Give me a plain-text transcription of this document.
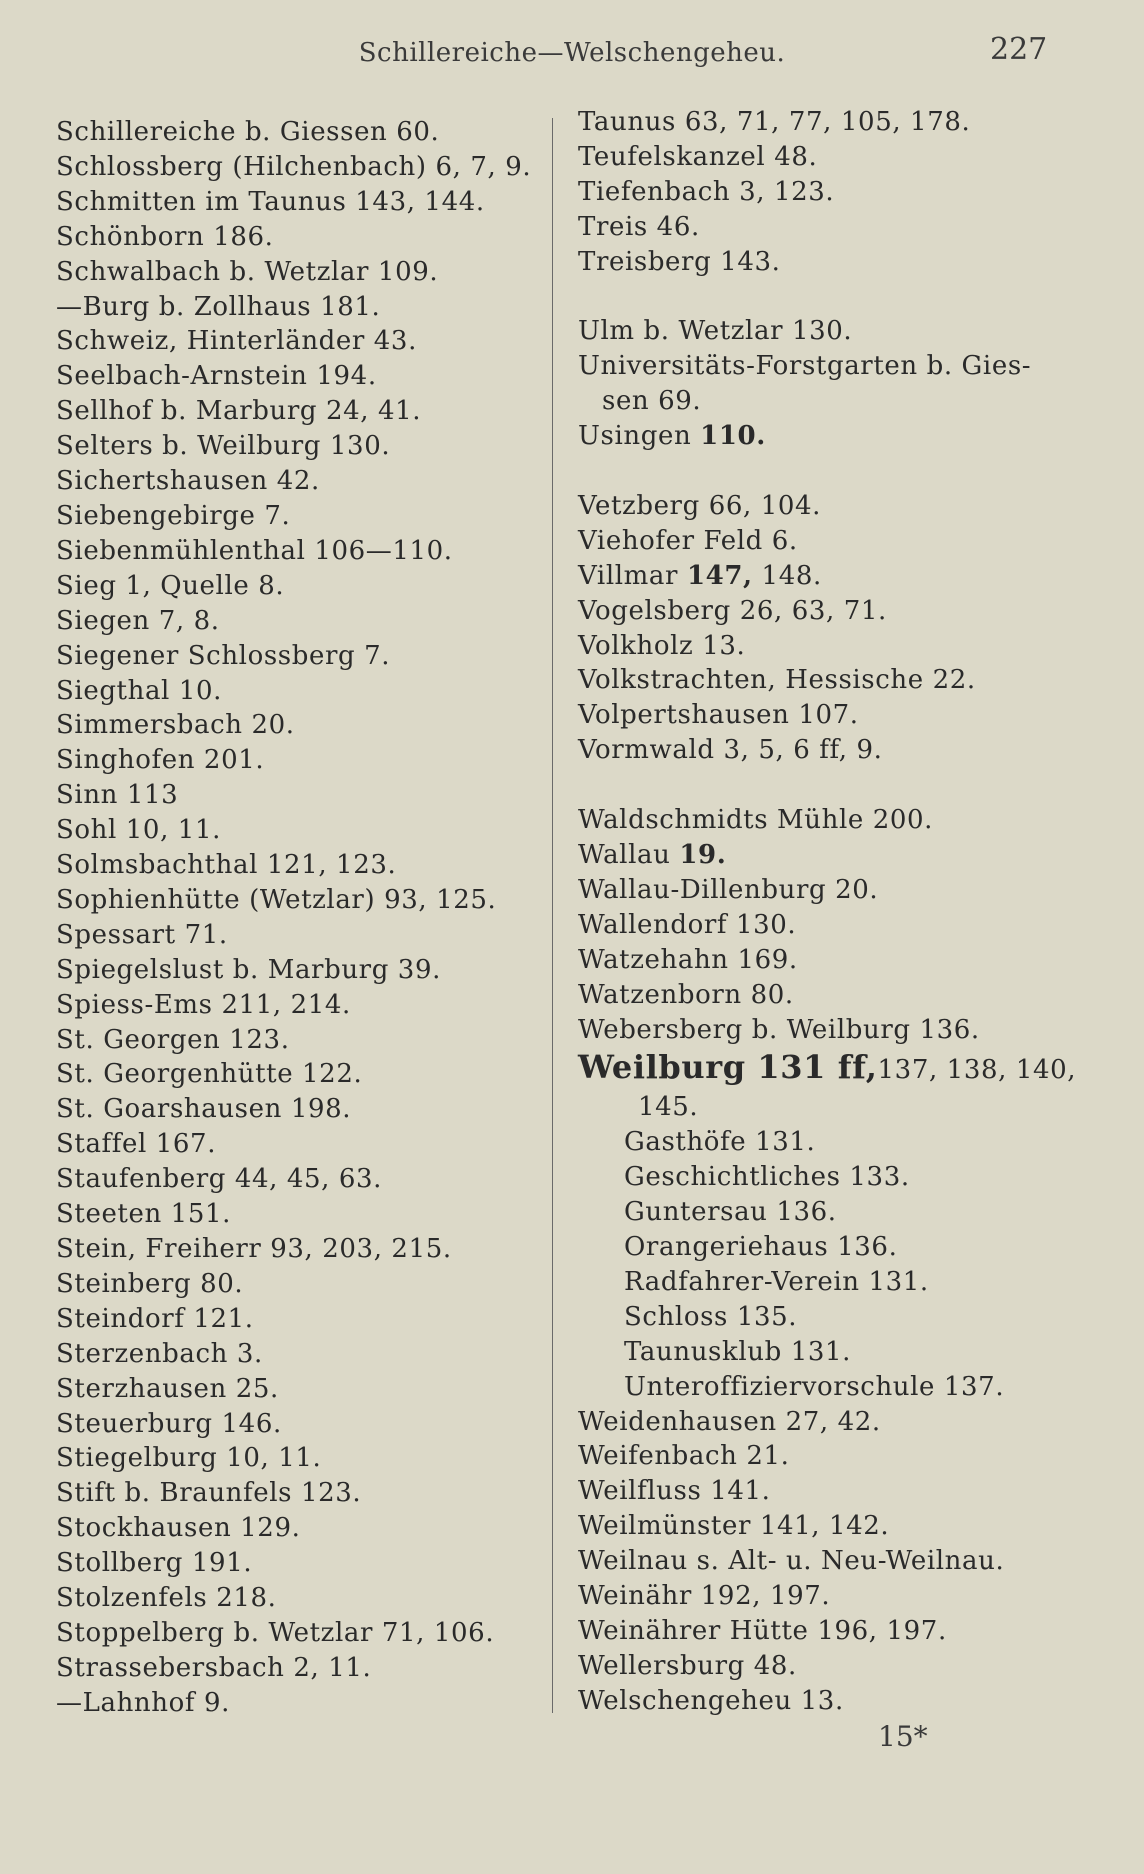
Schillereiche—Welschengeheu.	227
Schillereiche b. Giessen 60.
Schlossberg (Hilchenbach) 6, 7, 9.
Schmitten im Taunus 143, 144.
Schönborn 186.
Schwalbach b. Wetzlar 109.
—Burg b. Zollhaus 181.
Schweiz, Hinterländer 43.
Seelbach-Arnstein 194.
Sellhof b. Marburg 24, 41.
Selters b. Weilburg 130.
Sichertshausen 42.
Siebengebirge 7.
Siebenmühlenthal 106—110.
Sieg 1, Quelle 8.
Siegen 7, 8.
Siegener Schlossberg 7.
Siegthal 10.
Simmersbach 20.
Singhofen 201.
Sinn 113
Sohl 10, 11.
Solmsbachthal 121, 123.
Sophienhütte (Wetzlar) 93, 125.
Spessart 71.
Spiegelslust b. Marburg 39.
Spiess-Ems 211, 214.
St. Georgen 123.
St. Georgenhütte 122.
St. Goarshausen 198.
Staffel 167.
Staufenberg 44, 45, 63.
Steeten 151.
Stein, Freiherr 93, 203, 215.
Steinberg 80.
Steindorf 121.
Sterzenbach 3.
Sterzhausen 25.
Steuerburg 146.
Stiegelburg 10, 11.
Stift b. Braunfels 123.
Stockhausen 129.
Stollberg 191.
Stolzenfels 218.
Stoppelberg b. Wetzlar 71, 106.
Strassebersbach 2, 11.
—Lahnhof 9.
Taunus 63, 71, 77, 105, 178.
Teufelskanzel 48.
Tiefenbach 3, 123.
Treis 46.
Treisberg 143.
Ulm b. Wetzlar 130.
Universitäts-Forstgarten b. Gies-
sen 69.
Usingen 110.
Vetzberg 66, 104.
Viehofer Feld 6.
Villmar 147, 148.
Vogelsberg 26, 63, 71.
Volkholz 13.
Volkstrachten, Hessische 22.
Volpertshausen 107.
Vormwald 3, 5, 6 ff, 9.
Waldschmidts Mühle 200.
Wallau 19.
Wallau-Dillenburg 20.
Wallendorf 130.
Watzehahn 169.
Watzenborn 80.
Webersberg b. Weilburg 136.
Weilburg 131 ff,137, 138, 140,
145.
Gasthöfe 131.
Geschichtliches 133.
Guntersau 136.
Orangeriehaus 136.
Radfahrer-Verein 131.
Schloss 135.
Taunusklub 131.
Unteroffiziervorschule 137.
Weidenhausen 27, 42.
Weifenbach 21.
Weilfluss 141.
Weilmünster 141, 142.
Weilnau s. Alt- u. Neu-Weilnau.
Weinähr 192, 197.
Weinährer Hütte 196, 197.
Wellersburg 48.
Welschengeheu 13.
15*
